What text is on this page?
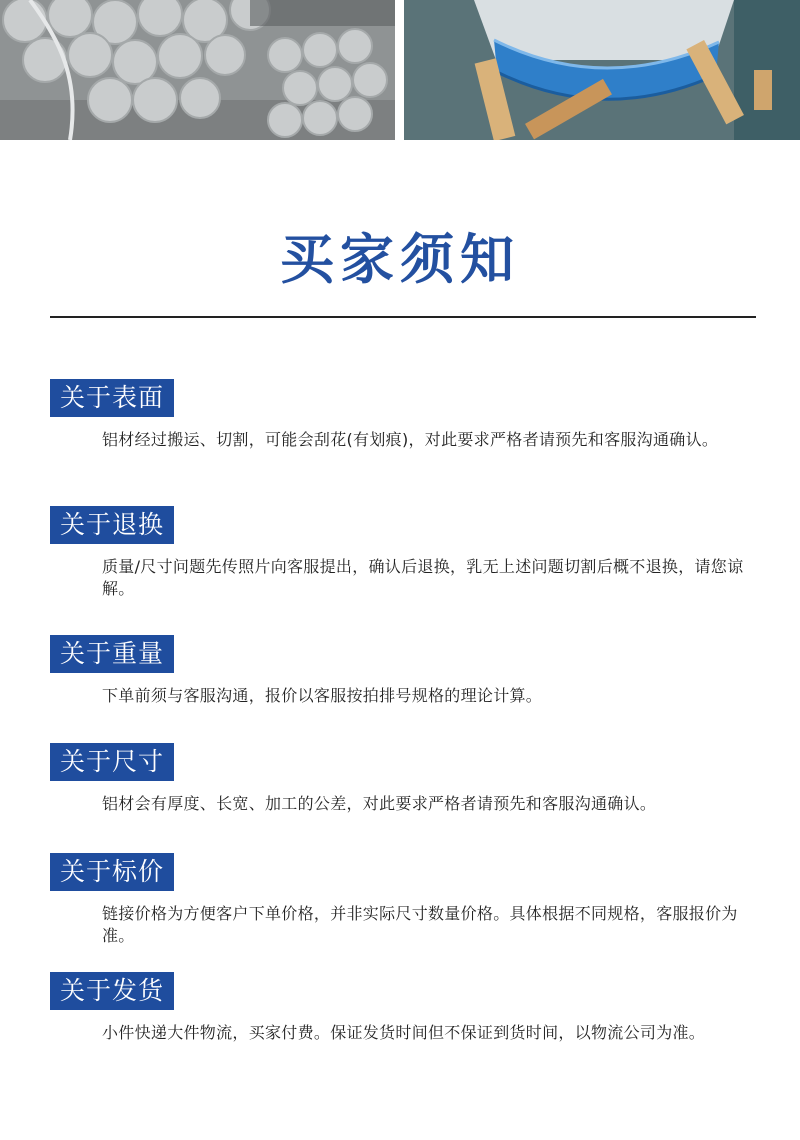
买家须知
关于表面

铝材经过搬运、切割，可能会刮花(有划痕)，对此要求严格者请预先和客服沟通确认。

关于退换

质量/尺寸问题先传照片向客服提出，确认后退换，乳无上述问题切割后概不退换，请您谅解。

关于重量

下单前须与客服沟通，报价以客服按拍排号规格的理论计算。

关于尺寸

铝材会有厚度、长宽、加工的公差，对此要求严格者请预先和客服沟通确认。

关于标价

链接价格为方便客户下单价格，并非实际尺寸数量价格。具体根据不同规格，客服报价为准。

关于发货

小件快递大件物流，买家付费。保证发货时间但不保证到货时间，以物流公司为准。
